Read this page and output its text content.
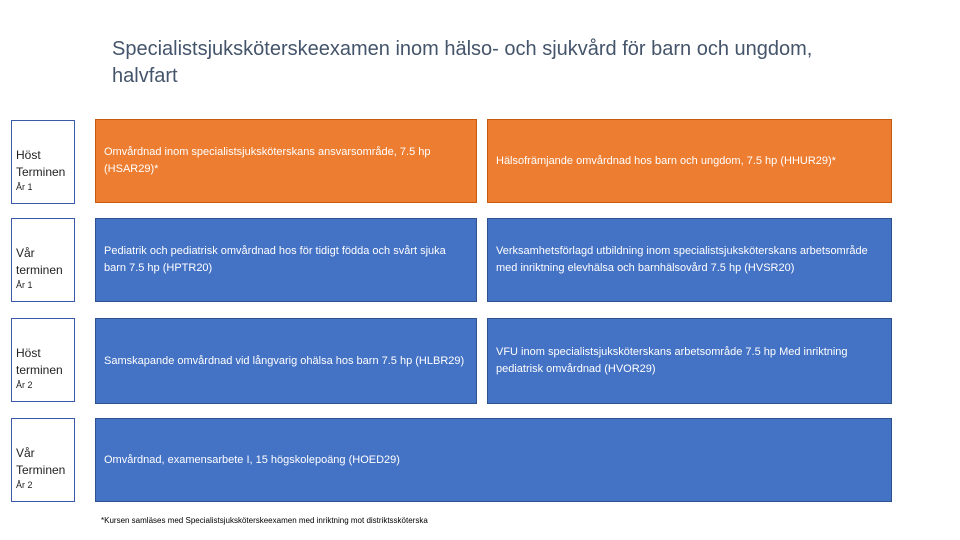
Specialistsjuksköterskeexamen inom hälso- och sjukvård för barn och ungdom, halvfart
Höst Terminen
År 1
Vår terminen
År 1
Höst terminen
År 2
Vår Terminen
År 2
Omvårdnad inom specialistsjuksköterskans ansvarsområde, 7.5 hp (HSAR29)*
Hälsofrämjande omvårdnad hos barn och ungdom, 7.5 hp (HHUR29)*
Pediatrik och pediatrisk omvårdnad hos för tidigt födda och svårt sjuka barn 7.5 hp (HPTR20)
Verksamhetsförlagd utbildning inom specialistsjuksköterskans arbetsområde med inriktning elevhälsa och barnhälsovård 7.5 hp (HVSR20)
Samskapande omvårdnad vid långvarig ohälsa hos barn 7.5 hp (HLBR29)
VFU inom specialistsjuksköterskans arbetsområde 7.5 hp Med inriktning pediatrisk omvårdnad (HVOR29)
Omvårdnad, examensarbete I, 15 högskolepoäng (HOED29)
*Kursen samläses med Specialistsjuksköterskeexamen med inriktning mot distriktssköterska
